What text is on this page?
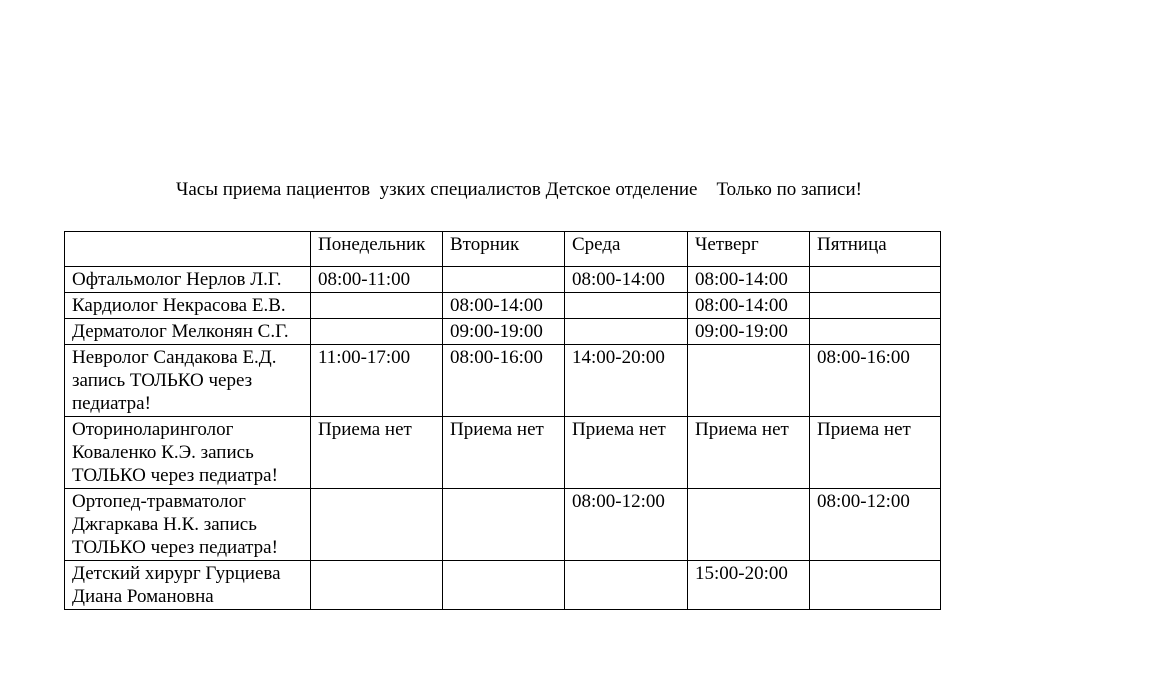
Часы приема пациентов  узких специалистов Детское отделение    Только по записи!
	Понедельник	Вторник	Среда	Четверг	Пятница
Офтальмолог Нерлов Л.Г.	08:00-11:00		08:00-14:00	08:00-14:00	
Кардиолог Некрасова Е.В.		08:00-14:00		08:00-14:00	
Дерматолог Мелконян С.Г.		09:00-19:00		09:00-19:00	
Невролог Сандакова Е.Д. запись ТОЛЬКО через педиатра!	11:00-17:00	08:00-16:00	14:00-20:00		08:00-16:00
Оториноларинголог Коваленко К.Э. запись ТОЛЬКО через педиатра!	Приема нет	Приема нет	Приема нет	Приема нет	Приема нет
Ортопед-травматолог Джгаркава Н.К. запись ТОЛЬКО через педиатра!			08:00-12:00		08:00-12:00
Детский хирург Гурциева Диана Романовна				15:00-20:00	
